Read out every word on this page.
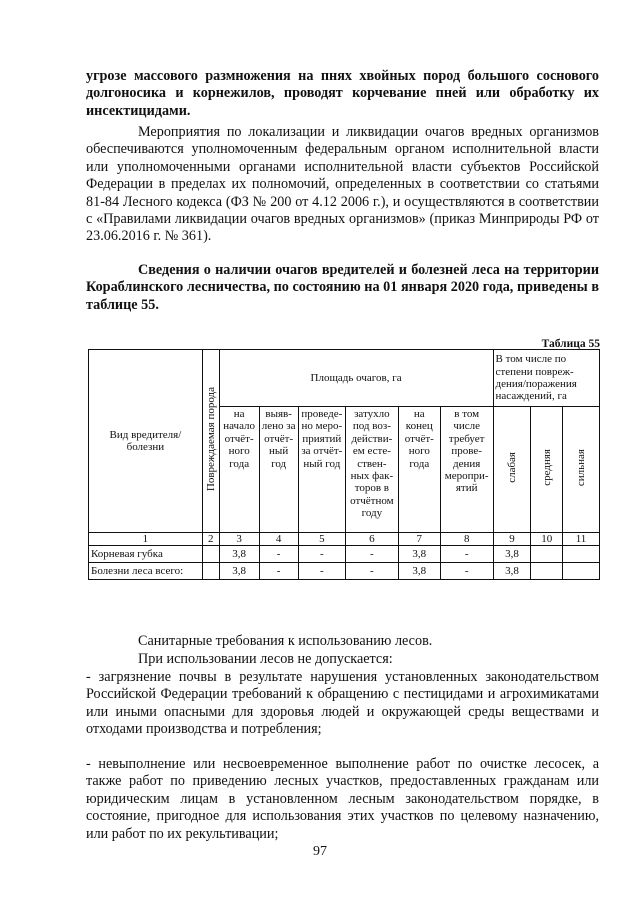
угрозе массового размножения на пнях хвойных пород большого соснового долгоносика и корнежилов, проводят корчевание пней или обработку их инсектицидами.

Мероприятия по локализации и ликвидации очагов вредных организмов обеспечиваются уполномоченным федеральным органом исполнительной власти или уполномоченными органами исполнительной власти субъектов Российской Федерации в пределах их полномочий, определенных в соответствии со статьями 81-84 Лесного кодекса (ФЗ № 200 от 4.12 2006 г.), и осуществляются в соответствии с «Правилами ликвидации очагов вредных организмов» (приказ Минприроды РФ от 23.06.2016 г. № 361).

Сведения о наличии очагов вредителей и болезней леса на территории Кораблинского лесничества, по состоянию на 01 января 2020 года, приведены в таблице 55.

Таблица 55
Вид вредителя/ болезни	Повреждаемая порода	Площадь очагов, га						В том числе по степени повреж-дения/поражения насаждений, га		
		на начало отчёт-ного года	выяв-лено за отчёт-ный год	проведе-но меро-приятий за отчёт-ный год	затухло под воз-действи-ем есте-ствен-ных фак-торов в отчётном году	на конец отчёт-ного года	в том числе требует прове-дения меропри-ятий	слабая	средняя	сильная
1	2	3	4	5	6	7	8	9	10	11
Корневая губка		3,8	-	-	-	3,8	-	3,8		
Болезни леса всего:		3,8	-	-	-	3,8	-	3,8		

Санитарные требования к использованию лесов.

При использовании лесов не допускается:

- загрязнение почвы в результате нарушения установленных законодательством Российской Федерации требований к обращению с пестицидами и агрохимикатами или иными опасными для здоровья людей и окружающей среды веществами и отходами производства и потребления;

- невыполнение или несвоевременное выполнение работ по очистке лесосек, а также работ по приведению лесных участков, предоставленных гражданам или юридическим лицам в установленном лесным законодательством порядке, в состояние, пригодное для использования этих участков по целевому назначению, или работ по их рекультивации;

97
